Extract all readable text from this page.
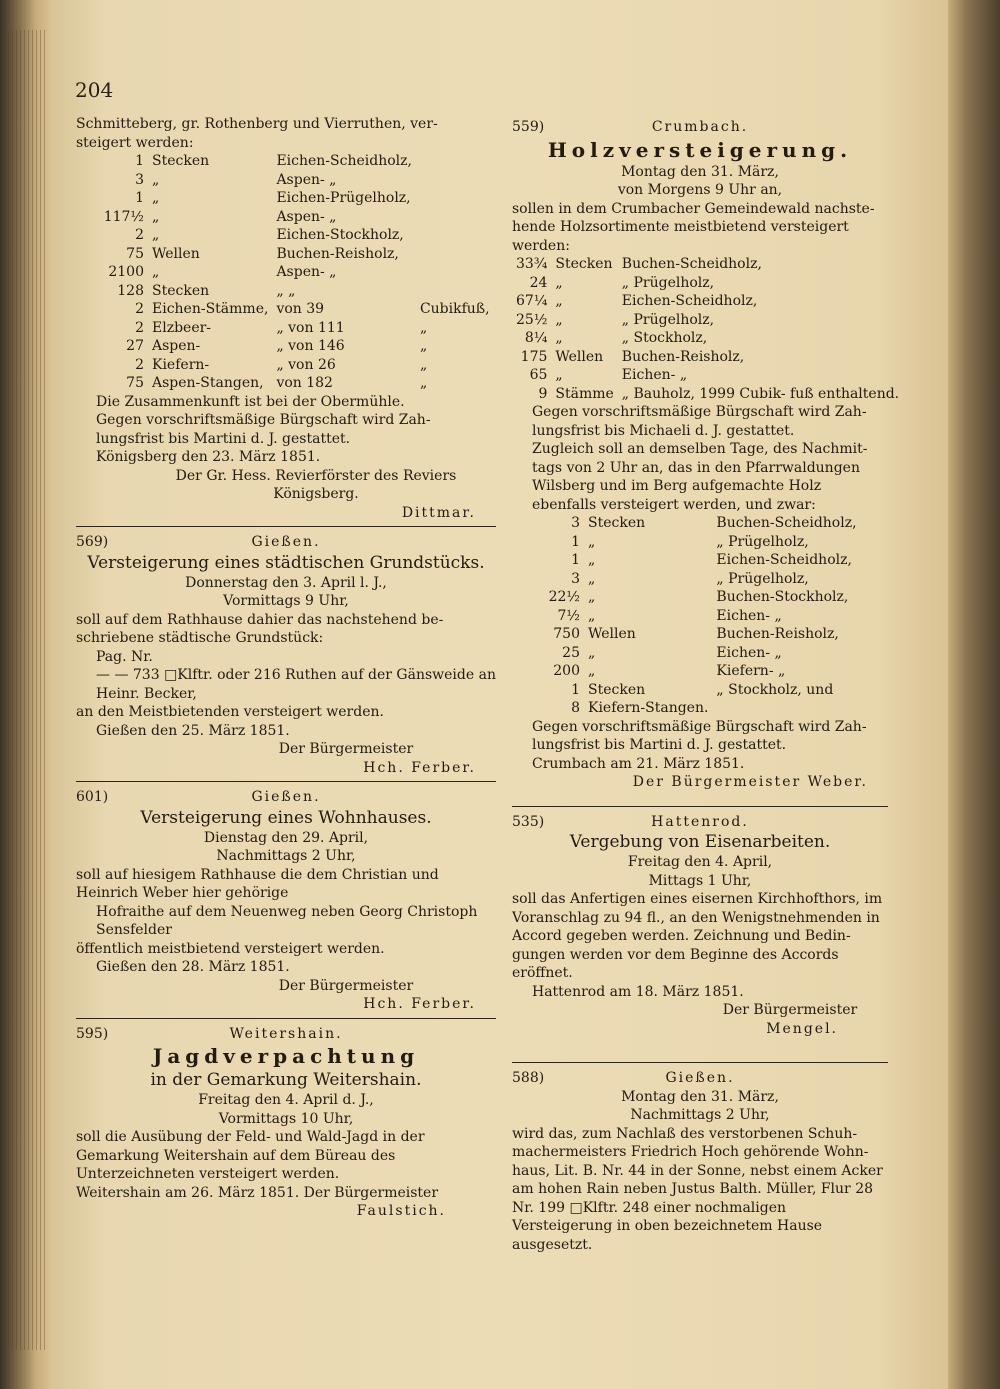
204

Schmitteberg, gr. Rothenberg und Vierruthen, ver- steigert werden:

1	Stecken	Eichen-Scheidholz,	
3	„	Aspen- „	
1	„	Eichen-Prügelholz,	
117½	„	Aspen- „	
2	„	Eichen-Stockholz,	
75	Wellen	Buchen-Reisholz,	
2100	„	Aspen- „	
128	Stecken	„ „	
2	Eichen-Stämme,	von 39	Cubikfuß,
2	Elzbeer-	„ von 111	„
27	Aspen-	„ von 146	„
2	Kiefern-	„ von 26	„
75	Aspen-Stangen,	von 182	„

Die Zusammenkunft ist bei der Obermühle.

Gegen vorschriftsmäßige Bürgschaft wird Zah- lungsfrist bis Martini d. J. gestattet.

Königsberg den 23. März 1851.

Der Gr. Hess. Revierförster des Reviers Königsberg.

Dittmar.

569)	Gießen.

Versteigerung eines städtischen Grundstücks.

Donnerstag den 3. April l. J.,

Vormittags 9 Uhr,

soll auf dem Rathhause dahier das nachstehend be- schriebene städtische Grundstück:

Pag. Nr.

— — 733 □Klftr. oder 216 Ruthen auf der Gänsweide an Heinr. Becker,

an den Meistbietenden versteigert werden.

Gießen den 25. März 1851.

Der Bürgermeister

Hch. Ferber.

601)	Gießen.

Versteigerung eines Wohnhauses.

Dienstag den 29. April,

Nachmittags 2 Uhr,

soll auf hiesigem Rathhause die dem Christian und Heinrich Weber hier gehörige

Hofraithe auf dem Neuenweg neben Georg Christoph Sensfelder

öffentlich meistbietend versteigert werden.

Gießen den 28. März 1851.

Der Bürgermeister

Hch. Ferber.

595)	Weitershain.

Jagdverpachtung

in der Gemarkung Weitershain.

Freitag den 4. April d. J.,

Vormittags 10 Uhr,

soll die Ausübung der Feld- und Wald-Jagd in der Gemarkung Weitershain auf dem Büreau des Unterzeichneten versteigert werden.

Weitershain am 26. März 1851. Der Bürgermeister

Faulstich.

559)	Crumbach.

Holzversteigerung.

Montag den 31. März,

von Morgens 9 Uhr an,

sollen in dem Crumbacher Gemeindewald nachste- hende Holzsortimente meistbietend versteigert werden:

33¾	Stecken	Buchen-Scheidholz,
24	„	„ Prügelholz,
67¼	„	Eichen-Scheidholz,
25½	„	„ Prügelholz,
8¼	„	„ Stockholz,
175	Wellen	Buchen-Reisholz,
65	„	Eichen- „
9	Stämme	„ Bauholz, 1999 Cubik- fuß enthaltend.

Gegen vorschriftsmäßige Bürgschaft wird Zah- lungsfrist bis Michaeli d. J. gestattet.

Zugleich soll an demselben Tage, des Nachmit- tags von 2 Uhr an, das in den Pfarrwaldungen Wilsberg und im Berg aufgemachte Holz ebenfalls versteigert werden, und zwar:

3	Stecken	Buchen-Scheidholz,
1	„	„ Prügelholz,
1	„	Eichen-Scheidholz,
3	„	„ Prügelholz,
22½	„	Buchen-Stockholz,
7½	„	Eichen- „
750	Wellen	Buchen-Reisholz,
25	„	Eichen- „
200	„	Kiefern- „
1	Stecken	„ Stockholz, und
8	Kiefern-Stangen.	

Gegen vorschriftsmäßige Bürgschaft wird Zah- lungsfrist bis Martini d. J. gestattet.

Crumbach am 21. März 1851.

Der Bürgermeister Weber.

535)	Hattenrod.

Vergebung von Eisenarbeiten.

Freitag den 4. April,

Mittags 1 Uhr,

soll das Anfertigen eines eisernen Kirchhofthors, im Voranschlag zu 94 fl., an den Wenigstnehmenden in Accord gegeben werden. Zeichnung und Bedin- gungen werden vor dem Beginne des Accords eröffnet.

Hattenrod am 18. März 1851.

Der Bürgermeister

Mengel.

588)	Gießen.

Montag den 31. März,

Nachmittags 2 Uhr,

wird das, zum Nachlaß des verstorbenen Schuh- machermeisters Friedrich Hoch gehörende Wohn- haus, Lit. B. Nr. 44 in der Sonne, nebst einem Acker am hohen Rain neben Justus Balth. Müller, Flur 28 Nr. 199 □Klftr. 248 einer nochmaligen Versteigerung in oben bezeichnetem Hause ausgesetzt.
